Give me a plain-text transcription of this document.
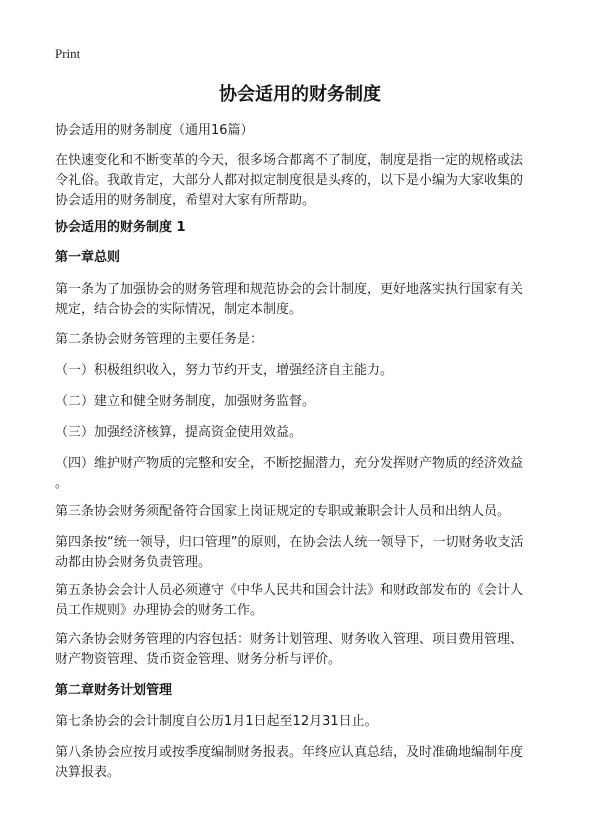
Print
协会适用的财务制度
协会适用的财务制度（通用16篇）
在快速变化和不断变革的今天，很多场合都离不了制度，制度是指一定的规格或法
令礼俗。我敢肯定，大部分人都对拟定制度很是头疼的，以下是小编为大家收集的
协会适用的财务制度，希望对大家有所帮助。
协会适用的财务制度 1
第一章总则
第一条为了加强协会的财务管理和规范协会的会计制度，更好地落实执行国家有关
规定，结合协会的实际情况，制定本制度。
第二条协会财务管理的主要任务是：
（一）积极组织收入，努力节约开支，增强经济自主能力。
（二）建立和健全财务制度，加强财务监督。
（三）加强经济核算，提高资金使用效益。
（四）维护财产物质的完整和安全，不断挖掘潜力，充分发挥财产物质的经济效益
。
第三条协会财务须配备符合国家上岗证规定的专职或兼职会计人员和出纳人员。
第四条按“统一领导，归口管理”的原则，在协会法人统一领导下，一切财务收支活
动都由协会财务负责管理。
第五条协会会计人员必须遵守《中华人民共和国会计法》和财政部发布的《会计人
员工作规则》办理协会的财务工作。
第六条协会财务管理的内容包括：财务计划管理、财务收入管理、项目费用管理、
财产物资管理、货币资金管理、财务分析与评价。
第二章财务计划管理
第七条协会的会计制度自公历1月1日起至12月31日止。
第八条协会应按月或按季度编制财务报表。年终应认真总结，及时准确地编制年度
决算报表。
